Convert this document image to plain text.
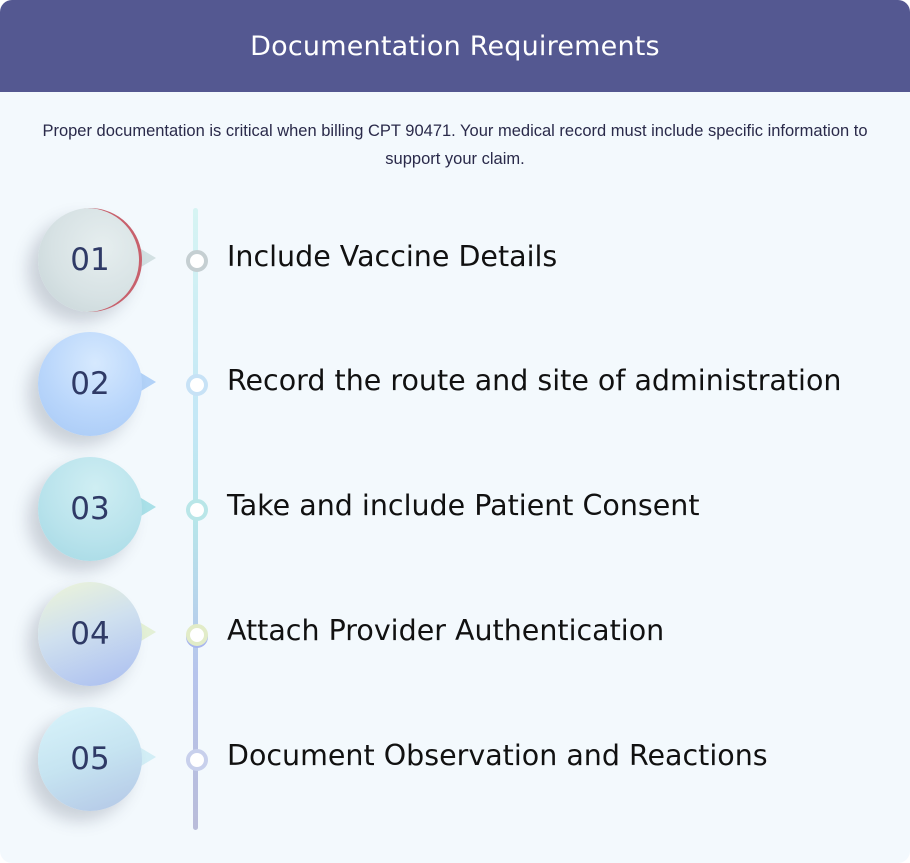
Documentation Requirements
Proper documentation is critical when billing CPT 90471. Your medical record must include specific information to support your claim.
01	Include Vaccine Details
02	Record the route and site of administration
03	Take and include Patient Consent
04	Attach Provider Authentication
05	Document Observation and Reactions
